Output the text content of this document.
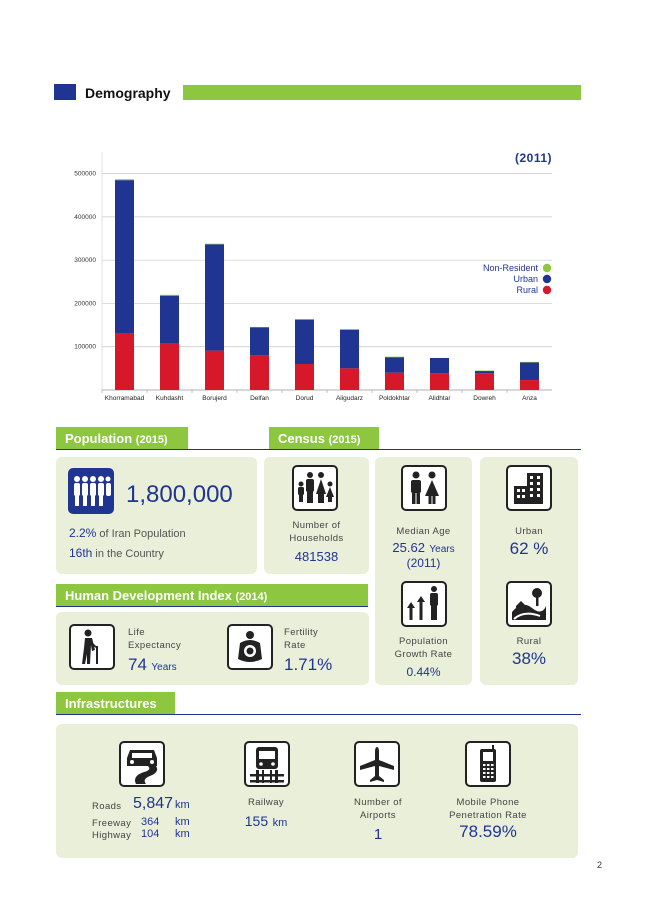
Demography
100000
200000
300000
400000
500000
Khorramabad Kuhdasht	Borujerd	Delfan	Dorud	Aligudarz Poldokhtar	Alidhtar	Dowreh	Anza
(2011)
Non-Resident
Urban
Rural
Population (2015)	Census (2015)
1,800,000
2.2% of Iran Population
16th in the Country
Number of
Households
481538
Median Age
25.62 Years
(2011)
Population
Growth Rate
0.44%
Urban
62 %
Rural
38%
Human Development Index (2014)
Life
Expectancy
74 Years
Fertility
Rate
1.71%
Infrastructures
Roads 5,847 km
Freeway 364 km
Highway 104 km
Railway
155 km
Number of
Airports
1
Mobile Phone
Penetration Rate
78.59%
2
